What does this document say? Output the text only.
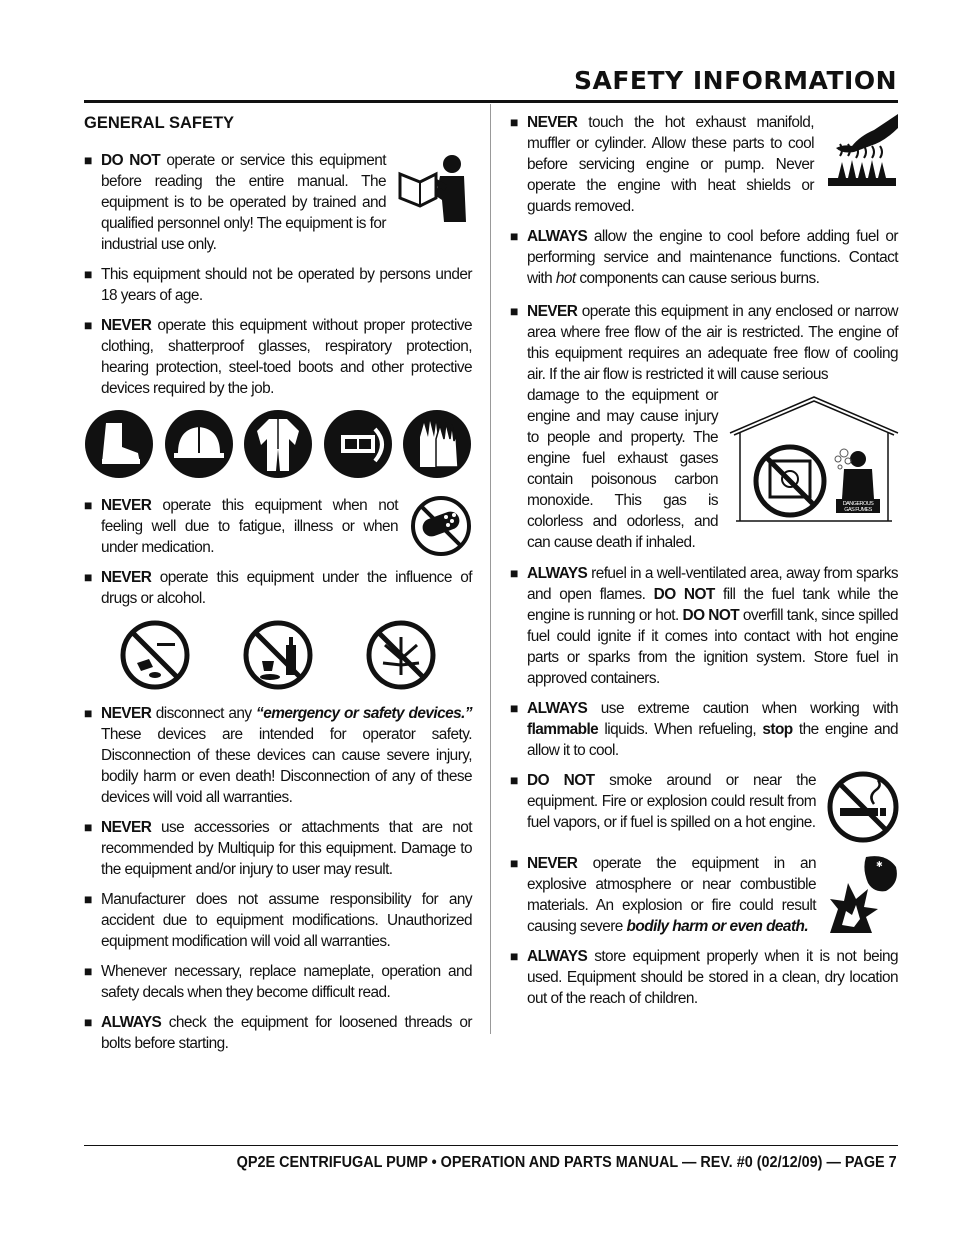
SAFETY INFORMATION
GENERAL SAFETY
■ DO NOT operate or service this equipment before reading the entire manual. The equipment is to be operated by trained and qualified personnel only! The equipment is for industrial use only.
■ This equipment should not be operated by persons under 18 years of age.
■ NEVER operate this equipment without proper protective clothing, shatterproof glasses, respiratory protection, hearing protection, steel-toed boots and other protective devices required by the job.
■ NEVER operate this equipment when not feeling well due to fatigue, illness or when under medication.
■ NEVER operate this equipment under the influence of drugs or alcohol.
■ NEVER disconnect any “emergency or safety devices.” These devices are intended for operator safety. Disconnection of these devices can cause severe injury, bodily harm or even death! Disconnection of any of these devices will void all warranties.
■ NEVER use accessories or attachments that are not recommended by Multiquip for this equipment. Damage to the equipment and/or injury to user may result.
■ Manufacturer does not assume responsibility for any accident due to equipment modifications. Unauthorized equipment modification will void all warranties.
■ Whenever necessary, replace nameplate, operation and safety decals when they become difficult read.
■ ALWAYS check the equipment for loosened threads or bolts before starting.
■ NEVER touch the hot exhaust manifold, muffler or cylinder. Allow these parts to cool before servicing engine or pump. Never operate the engine with heat shields or guards removed.
■ ALWAYS allow the engine to cool before adding fuel or performing service and maintenance functions. Contact with hot components can cause serious burns.
■ NEVER operate this equipment in any enclosed or narrow area where free flow of the air is restricted. The engine of this equipment requires an adequate free flow of cooling air. If the air flow is restricted it will cause serious
DANGEROUS
GAS FUMES
damage to the equipment or engine and may cause injury to people and property. The engine fuel exhaust gases contain poisonous carbon monoxide. This gas is colorless and odorless, and can cause death if inhaled.
■ ALWAYS refuel in a well-ventilated area, away from sparks and open flames. DO NOT fill the fuel tank while the engine is running or hot. DO NOT overfill tank, since spilled fuel could ignite if it comes into contact with hot engine parts or sparks from the ignition system. Store fuel in approved containers.
■ ALWAYS use extreme caution when working with flammable liquids. When refueling, stop the engine and allow it to cool.
■ DO NOT smoke around or near the equipment. Fire or explosion could result from fuel vapors, or if fuel is spilled on a hot engine.
■	✱
NEVER operate the equipment in an explosive atmosphere or near combustible materials. An explosion or fire could result causing severe bodily harm or even death.
■ ALWAYS store equipment properly when it is not being used. Equipment should be stored in a clean, dry location out of the reach of children.
QP2E CENTRIFUGAL PUMP • OPERATION AND PARTS MANUAL — REV. #0 (02/12/09) — PAGE 7
